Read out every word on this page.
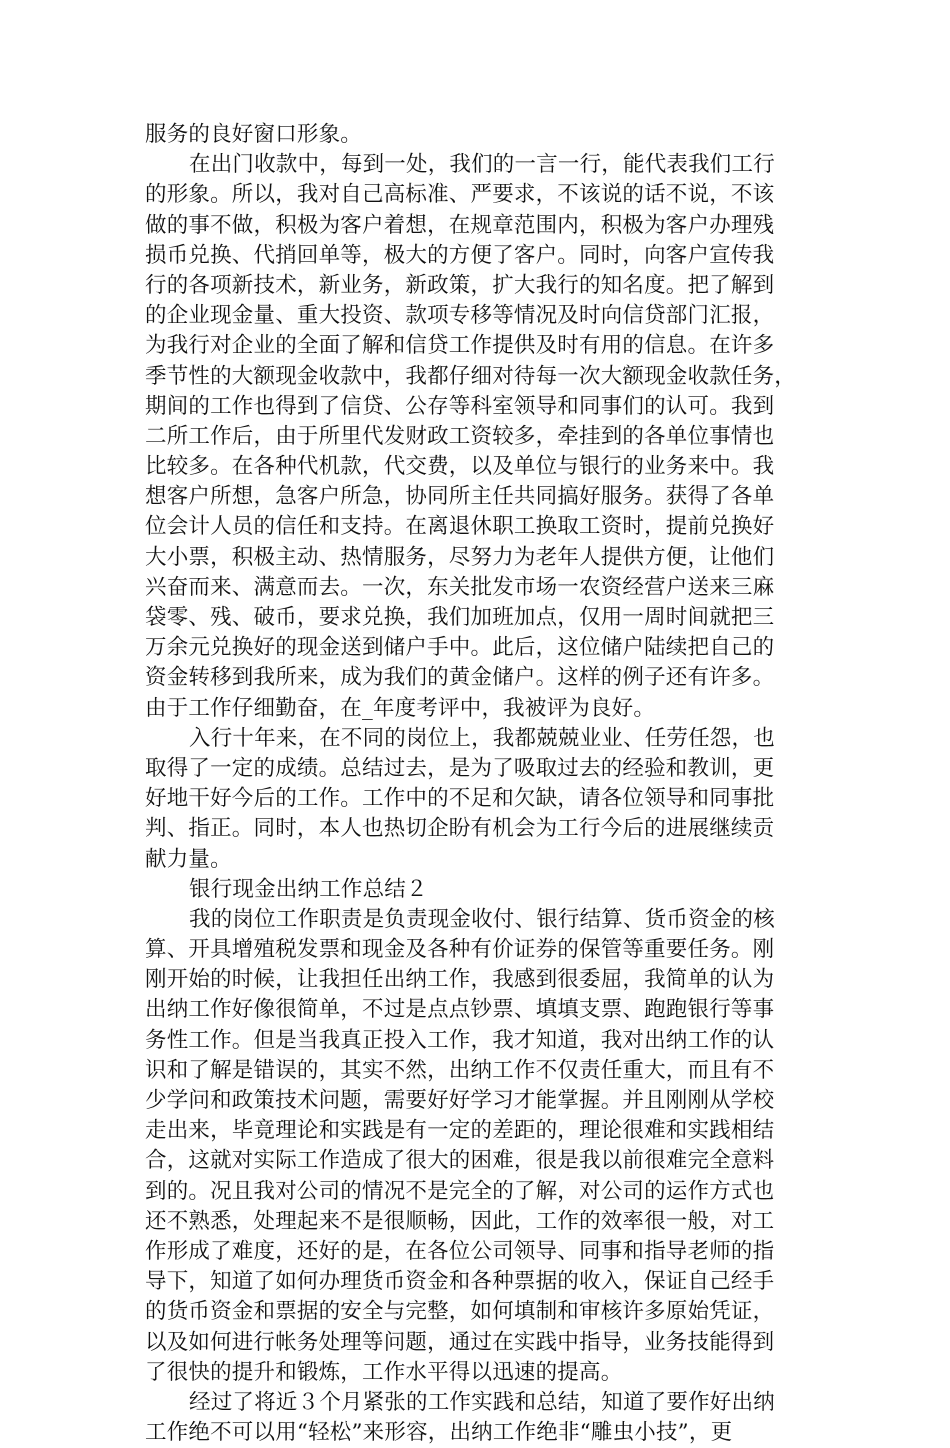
服务的良好窗口形象。
在出门收款中，每到一处，我们的一言一行，能代表我们工行
的形象。所以，我对自己高标准、严要求，不该说的话不说，不该
做的事不做，积极为客户着想，在规章范围内，积极为客户办理残
损币兑换、代捎回单等，极大的方便了客户。同时，向客户宣传我
行的各项新技术，新业务，新政策，扩大我行的知名度。把了解到
的企业现金量、重大投资、款项专移等情况及时向信贷部门汇报，
为我行对企业的全面了解和信贷工作提供及时有用的信息。在许多
季节性的大额现金收款中，我都仔细对待每一次大额现金收款任务，
期间的工作也得到了信贷、公存等科室领导和同事们的认可。我到
二所工作后，由于所里代发财政工资较多，牵挂到的各单位事情也
比较多。在各种代机款，代交费，以及单位与银行的业务来中。我
想客户所想，急客户所急，协同所主任共同搞好服务。获得了各单
位会计人员的信任和支持。在离退休职工换取工资时，提前兑换好
大小票，积极主动、热情服务，尽努力为老年人提供方便，让他们
兴奋而来、满意而去。一次，东关批发市场一农资经营户送来三麻
袋零、残、破币，要求兑换，我们加班加点，仅用一周时间就把三
万余元兑换好的现金送到储户手中。此后，这位储户陆续把自己的
资金转移到我所来，成为我们的黄金储户。这样的例子还有许多。
由于工作仔细勤奋，在_年度考评中，我被评为良好。
入行十年来，在不同的岗位上，我都兢兢业业、任劳任怨，也
取得了一定的成绩。总结过去，是为了吸取过去的经验和教训，更
好地干好今后的工作。工作中的不足和欠缺，请各位领导和同事批
判、指正。同时，本人也热切企盼有机会为工行今后的进展继续贡
献力量。
银行现金出纳工作总结２
我的岗位工作职责是负责现金收付、银行结算、货币资金的核
算、开具增殖税发票和现金及各种有价证券的保管等重要任务。刚
刚开始的时候，让我担任出纳工作，我感到很委屈，我简单的认为
出纳工作好像很简单，不过是点点钞票、填填支票、跑跑银行等事
务性工作。但是当我真正投入工作，我才知道，我对出纳工作的认
识和了解是错误的，其实不然，出纳工作不仅责任重大，而且有不
少学问和政策技术问题，需要好好学习才能掌握。并且刚刚从学校
走出来，毕竟理论和实践是有一定的差距的，理论很难和实践相结
合，这就对实际工作造成了很大的困难，很是我以前很难完全意料
到的。况且我对公司的情况不是完全的了解，对公司的运作方式也
还不熟悉，处理起来不是很顺畅，因此，工作的效率很一般，对工
作形成了难度，还好的是，在各位公司领导、同事和指导老师的指
导下，知道了如何办理货币资金和各种票据的收入，保证自己经手
的货币资金和票据的安全与完整，如何填制和审核许多原始凭证，
以及如何进行帐务处理等问题，通过在实践中指导，业务技能得到
了很快的提升和锻炼，工作水平得以迅速的提高。
经过了将近３个月紧张的工作实践和总结，知道了要作好出纳
工作绝不可以用“轻松”来形容，出纳工作绝非“雕虫小技”，更
